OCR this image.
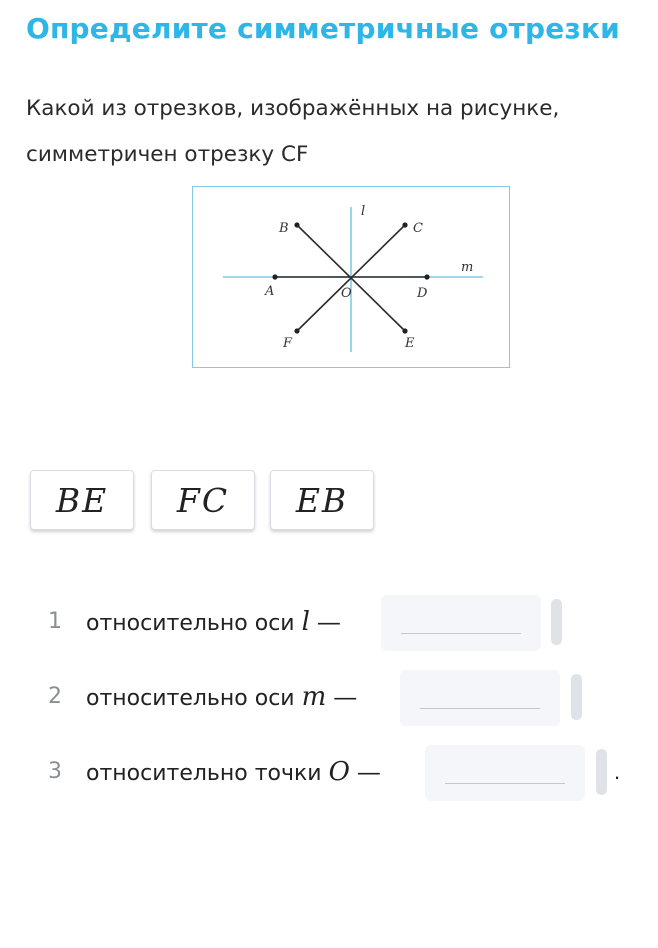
Определите симметричные отрезки
Какой из отрезков, изображённых на рисунке,
симметричен отрезку CF
l
m
B	C
A	D
O
F	E
BE	FC	EB
1	относительно оси l —
2	относительно оси m —
3	относительно точки O —	.
